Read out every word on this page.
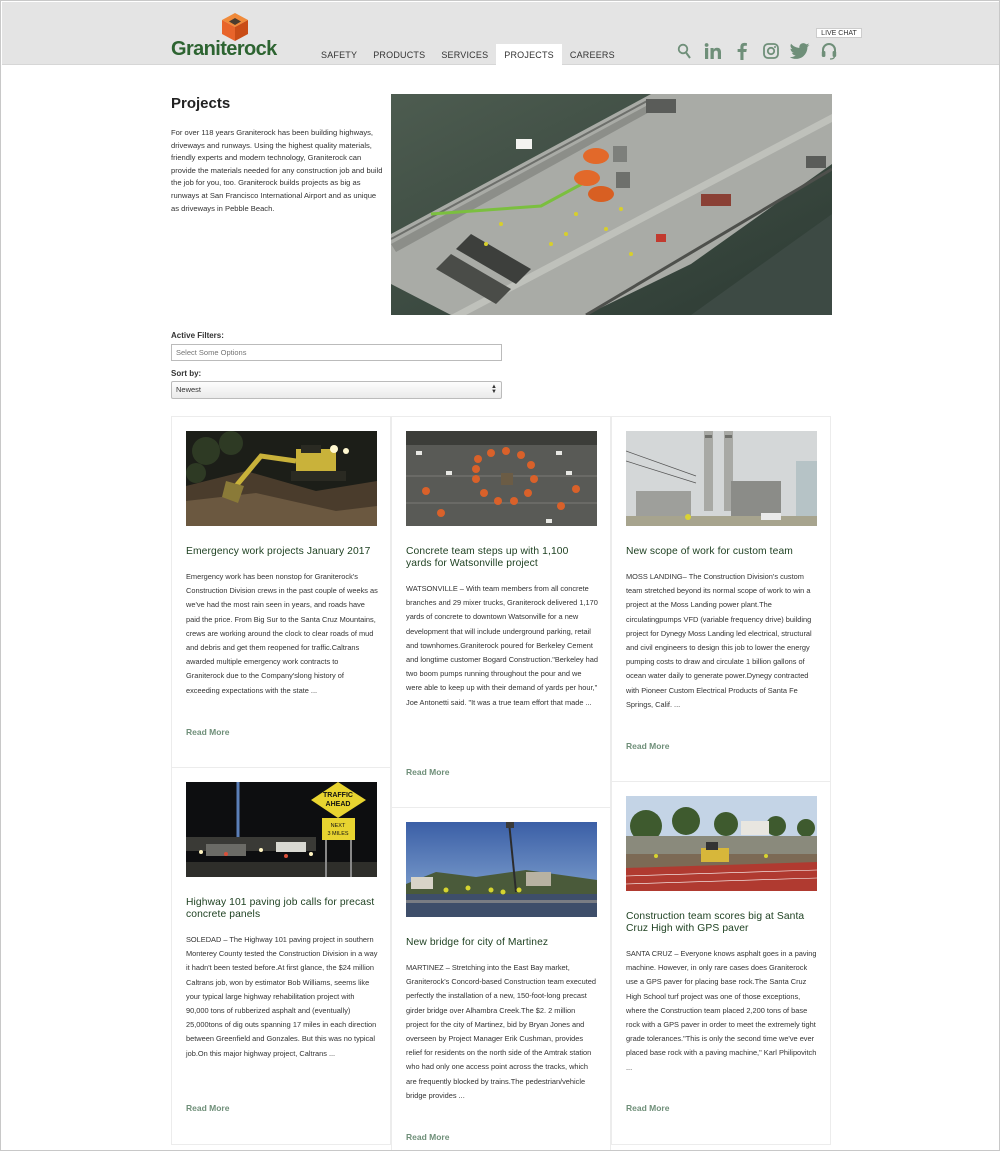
Graniterock	SAFETY	PRODUCTS	SERVICES	PROJECTS	CAREERS
LIVE CHAT
Projects

For over 118 years Graniterock has been building highways, driveways and runways. Using the highest quality materials, friendly experts and modern technology, Graniterock can provide the materials needed for any construction job and build the job for you, too. Graniterock builds projects as big as runways at San Francisco International Airport and as unique as driveways in Pebble Beach.

Active Filters:
Select Some Options
Sort by:
Newest	▲
▼
Emergency work projects January 2017
Emergency work has been nonstop for Graniterock's Construction Division crews in the past couple of weeks as we've had the most rain seen in years, and roads have paid the price. From Big Sur to the Santa Cruz Mountains, crews are working around the clock to clear roads of mud and debris and get them reopened for traffic.Caltrans awarded multiple emergency work contracts to Graniterock due to the Company'slong history of exceeding expectations with the state ...
Read More
Concrete team steps up with 1,100 yards for Watsonville project
WATSONVILLE – With team members from all concrete branches and 29 mixer trucks, Graniterock delivered 1,170 yards of concrete to downtown Watsonville for a new development that will include underground parking, retail and townhomes.Graniterock poured for Berkeley Cement and longtime customer Bogard Construction."Berkeley had two boom pumps running throughout the pour and we were able to keep up with their demand of yards per hour," Joe Antonetti said. "It was a true team effort that made ...
Read More
New scope of work for custom team
MOSS LANDING– The Construction Division's custom team stretched beyond its normal scope of work to win a project at the Moss Landing power plant.The circulatingpumps VFD (variable frequency drive) building project for Dynegy Moss Landing led electrical, structural and civil engineers to design this job to lower the energy pumping costs to draw and circulate 1 billion gallons of ocean water daily to generate power.Dynegy contracted with Pioneer Custom Electrical Products of Santa Fe Springs, Calif. ...
Read More
TRAFFIC
AHEAD
NEXT
3 MILES
Highway 101 paving job calls for precast concrete panels
SOLEDAD – The Highway 101 paving project in southern Monterey County tested the Construction Division in a way it hadn't been tested before.At first glance, the $24 million Caltrans job, won by estimator Bob Williams, seems like your typical large highway rehabilitation project with 90,000 tons of rubberized asphalt and (eventually) 25,000tons of dig outs spanning 17 miles in each direction between Greenfield and Gonzales. But this was no typical job.On this major highway project, Caltrans ...
Read More
New bridge for city of Martinez
MARTINEZ – Stretching into the East Bay market, Graniterock's Concord-based Construction team executed perfectly the installation of a new, 150-foot-long precast girder bridge over Alhambra Creek.The $2. 2 million project for the city of Martinez, bid by Bryan Jones and overseen by Project Manager Erik Cushman, provides relief for residents on the north side of the Amtrak station who had only one access point across the tracks, which are frequently blocked by trains.The pedestrian/vehicle bridge provides ...
Read More
Construction team scores big at Santa Cruz High with GPS paver
SANTA CRUZ – Everyone knows asphalt goes in a paving machine. However, in only rare cases does Graniterock use a GPS paver for placing base rock.The Santa Cruz High School turf project was one of those exceptions, where the Construction team placed 2,200 tons of base rock with a GPS paver in order to meet the extremely tight grade tolerances."This is only the second time we've ever placed base rock with a paving machine," Karl Philipovitch ...
Read More
